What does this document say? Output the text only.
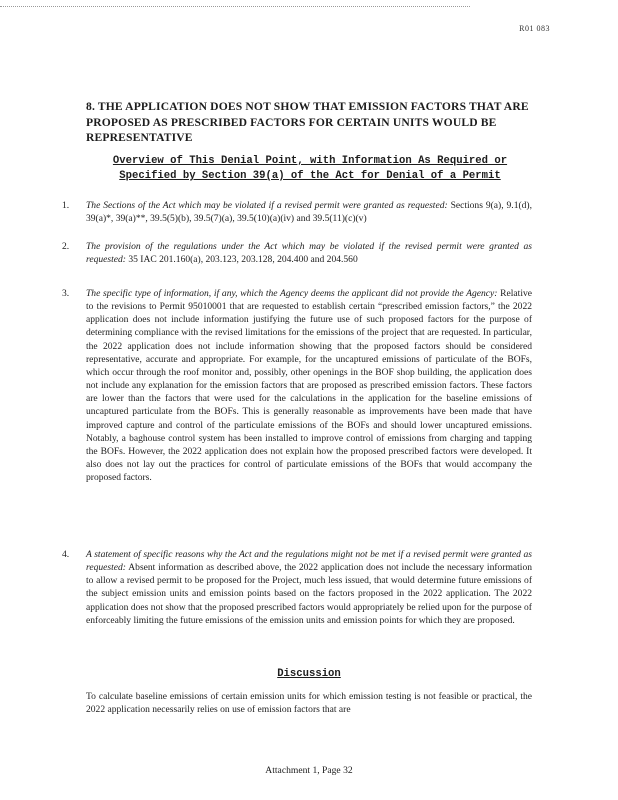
R01 083
8. THE APPLICATION DOES NOT SHOW THAT EMISSION FACTORS THAT ARE PROPOSED AS PRESCRIBED FACTORS FOR CERTAIN UNITS WOULD BE REPRESENTATIVE
Overview of This Denial Point, with Information As Required or Specified by Section 39(a) of the Act for Denial of a Permit
1. The Sections of the Act which may be violated if a revised permit were granted as requested: Sections 9(a), 9.1(d), 39(a)*, 39(a)**, 39.5(5)(b), 39.5(7)(a), 39.5(10)(a)(iv) and 39.5(11)(c)(v)
2. The provision of the regulations under the Act which may be violated if the revised permit were granted as requested: 35 IAC 201.160(a), 203.123, 203.128, 204.400 and 204.560
3. The specific type of information, if any, which the Agency deems the applicant did not provide the Agency: Relative to the revisions to Permit 95010001 that are requested to establish certain “prescribed emission factors,” the 2022 application does not include information justifying the future use of such proposed factors for the purpose of determining compliance with the revised limitations for the emissions of the project that are requested. In particular, the 2022 application does not include information showing that the proposed factors should be considered representative, accurate and appropriate. For example, for the uncaptured emissions of particulate of the BOFs, which occur through the roof monitor and, possibly, other openings in the BOF shop building, the application does not include any explanation for the emission factors that are proposed as prescribed emission factors. These factors are lower than the factors that were used for the calculations in the application for the baseline emissions of uncaptured particulate from the BOFs. This is generally reasonable as improvements have been made that have improved capture and control of the particulate emissions of the BOFs and should lower uncaptured emissions. Notably, a baghouse control system has been installed to improve control of emissions from charging and tapping the BOFs. However, the 2022 application does not explain how the proposed prescribed factors were developed. It also does not lay out the practices for control of particulate emissions of the BOFs that would accompany the proposed factors.
4. A statement of specific reasons why the Act and the regulations might not be met if a revised permit were granted as requested: Absent information as described above, the 2022 application does not include the necessary information to allow a revised permit to be proposed for the Project, much less issued, that would determine future emissions of the subject emission units and emission points based on the factors proposed in the 2022 application. The 2022 application does not show that the proposed prescribed factors would appropriately be relied upon for the purpose of enforceably limiting the future emissions of the emission units and emission points for which they are proposed.
Discussion
To calculate baseline emissions of certain emission units for which emission testing is not feasible or practical, the 2022 application necessarily relies on use of emission factors that are
Attachment 1, Page 32
